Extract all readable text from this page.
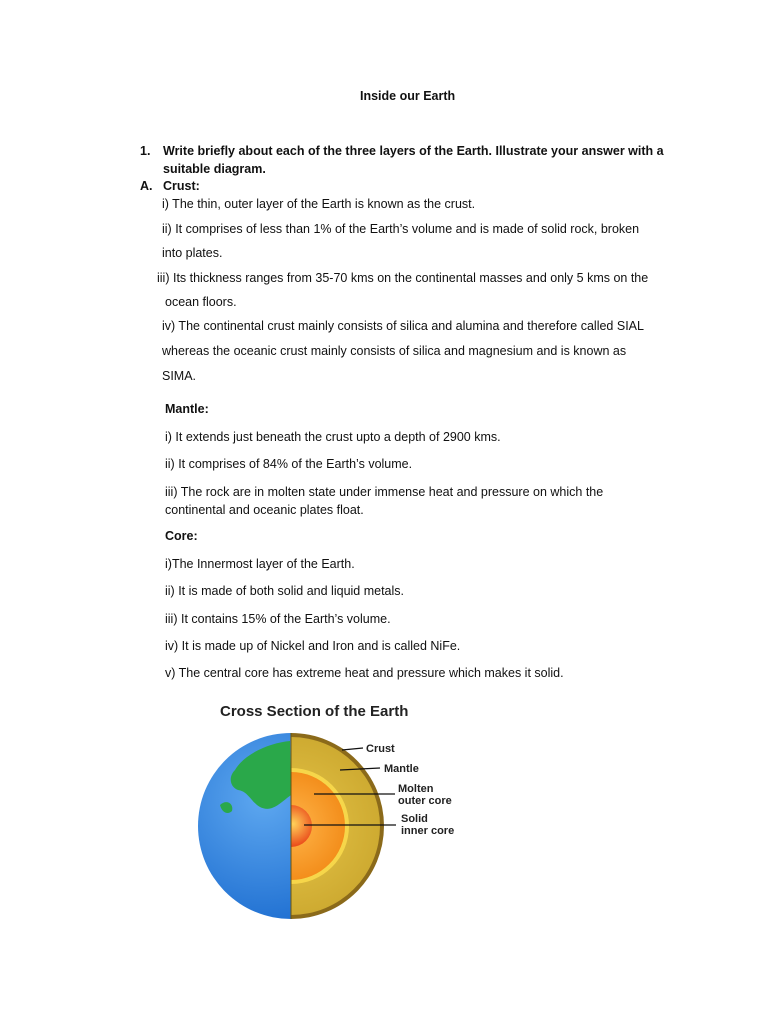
Inside our Earth
1. Write briefly about each of the three layers of the Earth. Illustrate your answer with a
suitable diagram.
A. Crust:
i) The thin, outer layer of the Earth is known as the crust.
ii) It comprises of less than 1% of the Earth’s volume and is made of solid rock, broken
into plates.
iii) Its thickness ranges from 35-70 kms on the continental masses and only 5 kms on the
ocean floors.
iv) The continental crust mainly consists of silica and alumina and therefore called SIAL
whereas the oceanic crust mainly consists of silica and magnesium and is known as
SIMA.
Mantle:
i) It extends just beneath the crust upto a depth of 2900 kms.
ii) It comprises of 84% of the Earth’s volume.
iii) The rock are in molten state under immense heat and pressure on which the
continental and oceanic plates float.
Core:
i)The Innermost layer of the Earth.
ii) It is made of both solid and liquid metals.
iii) It contains 15% of the Earth’s volume.
iv) It is made up of Nickel and Iron and is called NiFe.
v) The central core has extreme heat and pressure which makes it solid.
Cross Section of the Earth
Crust
Mantle
Molten
outer core
Solid
inner core
